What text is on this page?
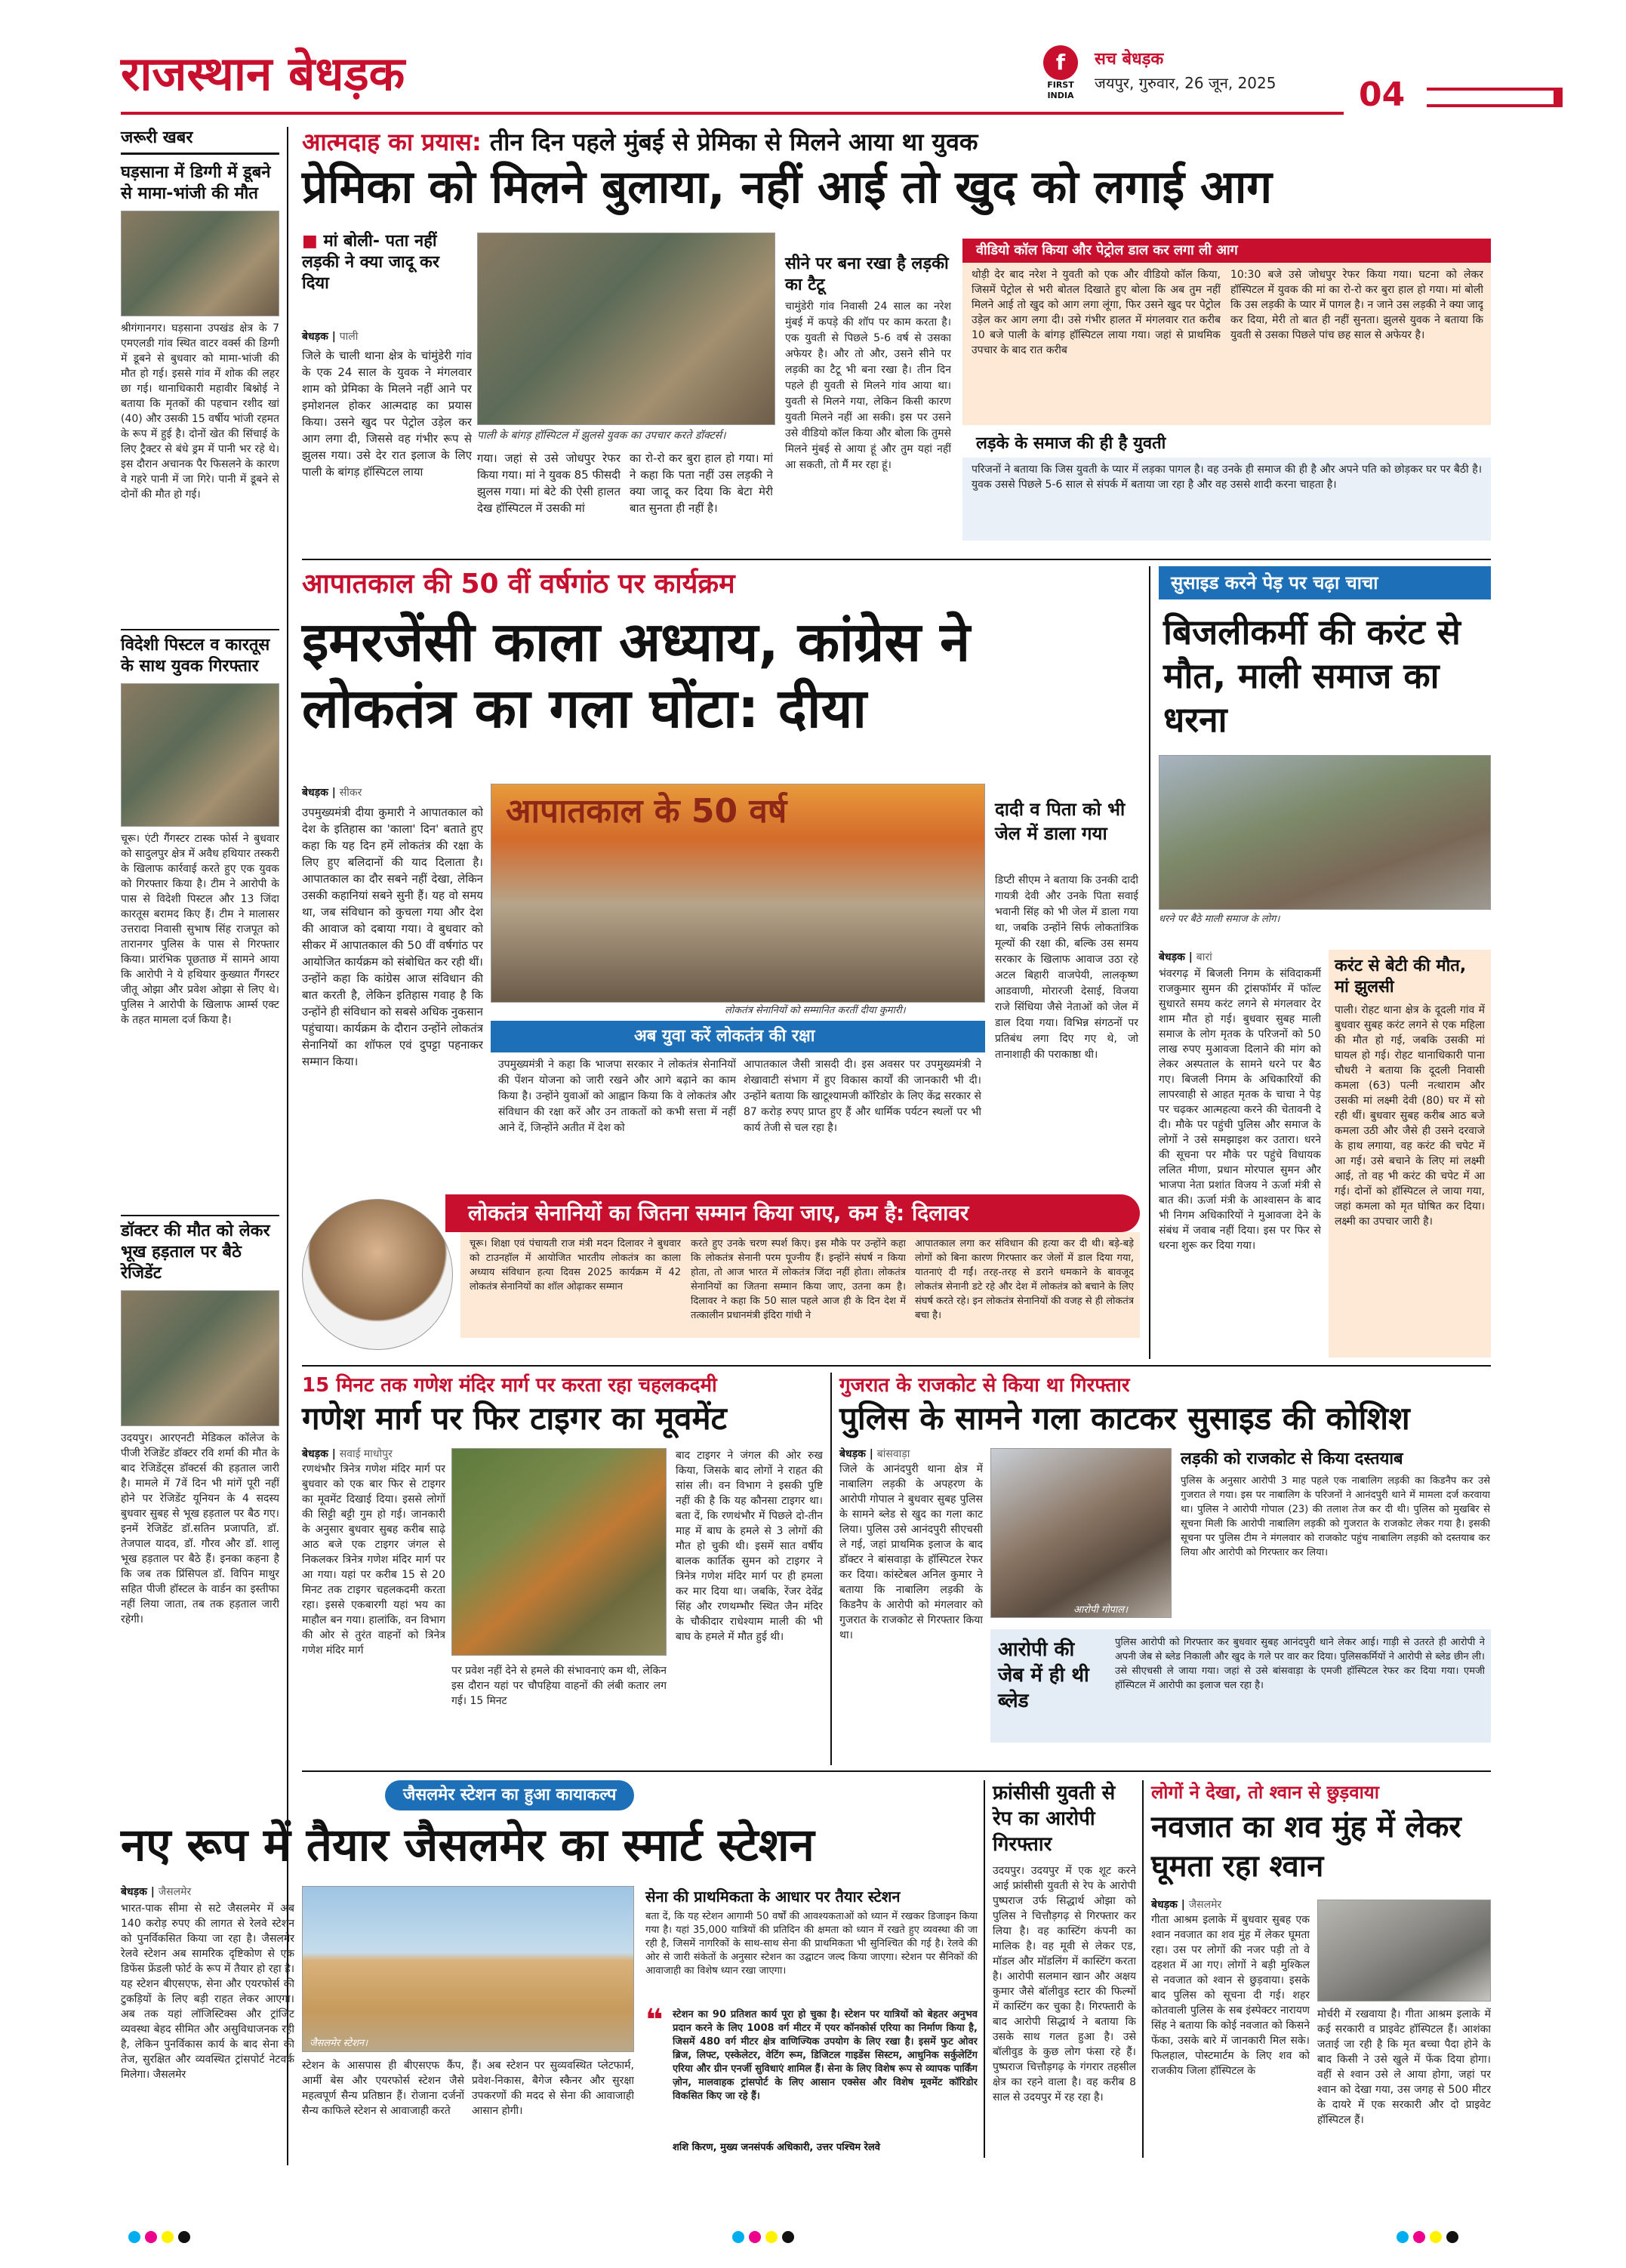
राजस्थान बेधड़क	f
FIRST INDIA
सच बेधड़क
जयपुर, गुरुवार, 26 जून, 2025 04
जरूरी खबर
घड़साना में डिग्गी में डूबने से मामा-भांजी की मौत
श्रीगंगानगर। घड़साना उपखंड क्षेत्र के 7 एमएलडी गांव स्थित वाटर वर्क्स की डिग्गी में डूबने से बुधवार को मामा-भांजी की मौत हो गई। इससे गांव में शोक की लहर छा गई। थानाधिकारी महावीर बिश्नोई ने बताया कि मृतकों की पहचान रशीद खां (40) और उसकी 15 वर्षीय भांजी रहमत के रूप में हुई है। दोनों खेत की सिंचाई के लिए ट्रैक्टर से बंधे ड्रम में पानी भर रहे थे। इस दौरान अचानक पैर फिसलने के कारण वे गहरे पानी में जा गिरे। पानी में डूबने से दोनों की मौत हो गई।
विदेशी पिस्टल व कारतूस के साथ युवक गिरफ्तार
चूरू। एंटी गैंगस्टर टास्क फोर्स ने बुधवार को सादुलपुर क्षेत्र में अवैध हथियार तस्करी के खिलाफ कार्रवाई करते हुए एक युवक को गिरफ्तार किया है। टीम ने आरोपी के पास से विदेशी पिस्टल और 13 जिंदा कारतूस बरामद किए हैं। टीम ने मालासर उत्तरादा निवासी सुभाष सिंह राजपूत को तारानगर पुलिस के पास से गिरफ्तार किया। प्रारंभिक पूछताछ में सामने आया कि आरोपी ने ये हथियार कुख्यात गैंगस्टर जीतू ओझा और प्रवेश ओझा से लिए थे। पुलिस ने आरोपी के खिलाफ आर्म्स एक्ट के तहत मामला दर्ज किया है।
डॉक्टर की मौत को लेकर भूख हड़ताल पर बैठे रेजिडेंट
उदयपुर। आरएनटी मेडिकल कॉलेज के पीजी रेजिडेंट डॉक्टर रवि शर्मा की मौत के बाद रेजिडेंट्स डॉक्टर्स की हड़ताल जारी है। मामले में 7वें दिन भी मांगें पूरी नहीं होने पर रेजिडेंट यूनियन के 4 सदस्य बुधवार सुबह से भूख हड़ताल पर बैठ गए। इनमें रेजिडेंट डॉ.सतिन प्रजापति, डॉ. तेजपाल यादव, डॉ. गौरव और डॉ. शालू भूख हड़ताल पर बैठे हैं। इनका कहना है कि जब तक प्रिंसिपल डॉ. विपिन माथुर सहित पीजी हॉस्टल के वार्डन का इस्तीफा नहीं लिया जाता, तब तक हड़ताल जारी रहेगी।
आत्मदाह का प्रयास: तीन दिन पहले मुंबई से प्रेमिका से मिलने आया था युवक
प्रेमिका को मिलने बुलाया, नहीं आई तो खुद को लगाई आग
■ मां बोली- पता नहीं लड़की ने क्या जादू कर दिया
बेधड़क | पाली
जिले के चाली थाना क्षेत्र के चांमुंडेरी गांव के एक 24 साल के युवक ने मंगलवार शाम को प्रेमिका के मिलने नहीं आने पर इमोशनल होकर आत्मदाह का प्रयास किया। उसने खुद पर पेट्रोल उड़ेल कर आग लगा दी, जिससे वह गंभीर रूप से झुलस गया। उसे देर रात इलाज के लिए पाली के बांगड़ हॉस्पिटल लाया
पाली के बांगड़ हॉस्पिटल में झुलसे युवक का उपचार करते डॉक्टर्स।
गया। जहां से उसे जोधपुर रेफर किया गया। मां ने युवक 85 फीसदी झुलस गया। मां बेटे की ऐसी हालत देख हॉस्पिटल में उसकी मां
का रो-रो कर बुरा हाल हो गया। मां ने कहा कि पता नहीं उस लड़की ने क्या जादू कर दिया कि बेटा मेरी बात सुनता ही नहीं है।
सीने पर बना रखा है लड़की का टैटू
चामुंडेरी गांव निवासी 24 साल का नरेश मुंबई में कपड़े की शॉप पर काम करता है। एक युवती से पिछले 5-6 वर्ष से उसका अफेयर है। और तो और, उसने सीने पर लड़की का टैटू भी बना रखा है। तीन दिन पहले ही युवती से मिलने गांव आया था। युवती से मिलने गया, लेकिन किसी कारण युवती मिलने नहीं आ सकी। इस पर उसने उसे वीडियो कॉल किया और बोला कि तुमसे मिलने मुंबई से आया हूं और तुम यहां नहीं आ सकती, तो मैं मर रहा हूं।
वीडियो कॉल किया और पेट्रोल डाल कर लगा ली आग
थोड़ी देर बाद नरेश ने युवती को एक और वीडियो कॉल किया, जिसमें पेट्रोल से भरी बोतल दिखाते हुए बोला कि अब तुम नहीं मिलने आई तो खुद को आग लगा लूंगा, फिर उसने खुद पर पेट्रोल उड़ेल कर आग लगा दी। उसे गंभीर हालत में मंगलवार रात करीब 10 बजे पाली के बांगड़ हॉस्पिटल लाया गया। जहां से प्राथमिक उपचार के बाद रात करीब
10:30 बजे उसे जोधपुर रेफर किया गया। घटना को लेकर हॉस्पिटल में युवक की मां का रो-रो कर बुरा हाल हो गया। मां बोली कि उस लड़की के प्यार में पागल है। न जाने उस लड़की ने क्या जादू कर दिया, मेरी तो बात ही नहीं सुनता। झुलसे युवक ने बताया कि युवती से उसका पिछले पांच छह साल से अफेयर है।
लड़के के समाज की ही है युवती
परिजनों ने बताया कि जिस युवती के प्यार में लड़का पागल है। वह उनके ही समाज की ही है और अपने पति को छोड़कर घर पर बैठी है। युवक उससे पिछले 5-6 साल से संपर्क में बताया जा रहा है और वह उससे शादी करना चाहता है।
आपातकाल की 50 वीं वर्षगांठ पर कार्यक्रम
इमरजेंसी काला अध्याय, कांग्रेस ने लोकतंत्र का गला घोंटा: दीया
बेधड़क | सीकर
उपमुख्यमंत्री दीया कुमारी ने आपातकाल को देश के इतिहास का 'काला' दिन' बताते हुए कहा कि यह दिन हमें लोकतंत्र की रक्षा के लिए हुए बलिदानों की याद दिलाता है। आपातकाल का दौर सबने नहीं देखा, लेकिन उसकी कहानियां सबने सुनी हैं। यह वो समय था, जब संविधान को कुचला गया और देश की आवाज को दबाया गया। वे बुधवार को सीकर में आपातकाल की 50 वीं वर्षगांठ पर आयोजित कार्यक्रम को संबोधित कर रही थीं। उन्होंने कहा कि कांग्रेस आज संविधान की बात करती है, लेकिन इतिहास गवाह है कि उन्होंने ही संविधान को सबसे अधिक नुकसान पहुंचाया। कार्यक्रम के दौरान उन्होंने लोकतंत्र सेनानियों का शॉफल एवं दुपट्टा पहनाकर सम्मान किया।
आपातकाल के 50 वर्ष
लोकतंत्र सेनानियों को सम्मानित करतीं दीया कुमारी।
अब युवा करें लोकतंत्र की रक्षा
उपमुख्यमंत्री ने कहा कि भाजपा सरकार ने लोकतंत्र सेनानियों की पेंशन योजना को जारी रखने और आगे बढ़ाने का काम किया है। उन्होंने युवाओं को आह्वान किया कि वे लोकतंत्र और संविधान की रक्षा करें और उन ताकतों को कभी सत्ता में नहीं आने दें, जिन्होंने अतीत में देश को
आपातकाल जैसी त्रासदी दी। इस अवसर पर उपमुख्यमंत्री ने शेखावाटी संभाग में हुए विकास कार्यों की जानकारी भी दी। उन्होंने बताया कि खाटूश्यामजी कॉरिडोर के लिए केंद्र सरकार से 87 करोड़ रुपए प्राप्त हुए हैं और धार्मिक पर्यटन स्थलों पर भी कार्य तेजी से चल रहा है।
दादी व पिता को भी जेल में डाला गया
डिप्टी सीएम ने बताया कि उनकी दादी गायत्री देवी और उनके पिता सवाई भवानी सिंह को भी जेल में डाला गया था, जबकि उन्होंने सिर्फ लोकतांत्रिक मूल्यों की रक्षा की, बल्कि उस समय सरकार के खिलाफ आवाज उठा रहे अटल बिहारी वाजपेयी, लालकृष्ण आडवाणी, मोरारजी देसाई, विजया राजे सिंधिया जैसे नेताओं को जेल में डाल दिया गया। विभिन्न संगठनों पर प्रतिबंध लगा दिए गए थे, जो तानाशाही की पराकाष्ठा थी।
लोकतंत्र सेनानियों का जितना सम्मान किया जाए, कम है: दिलावर
चूरू। शिक्षा एवं पंचायती राज मंत्री मदन दिलावर ने बुधवार को टाउनहॉल में आयोजित भारतीय लोकतंत्र का काला अध्याय संविधान हत्या दिवस 2025 कार्यक्रम में 42 लोकतंत्र सेनानियों का शॉल ओढ़ाकर सम्मान
करते हुए उनके चरण स्पर्श किए। इस मौके पर उन्होंने कहा कि लोकतंत्र सेनानी परम पूज्नीय हैं। इन्होंने संघर्ष न किया होता, तो आज भारत में लोकतंत्र जिंदा नहीं होता। लोकतंत्र सेनानियों का जितना सम्मान किया जाए, उतना कम है। दिलावर ने कहा कि 50 साल पहले आज ही के दिन देश में तत्कालीन प्रधानमंत्री इंदिरा गांधी ने
आपातकाल लगा कर संविधान की हत्या कर दी थी। बड़े-बड़े लोगों को बिना कारण गिरफ्तार कर जेलों में डाल दिया गया, यातनाएं दी गईं। तरह-तरह से डराने धमकाने के बावजूद लोकतंत्र सेनानी डटे रहे और देश में लोकतंत्र को बचाने के लिए संघर्ष करते रहे। इन लोकतंत्र सेनानियों की वजह से ही लोकतंत्र बचा है।
सुसाइड करने पेड़ पर चढ़ा चाचा
बिजलीकर्मी की करंट से मौत, माली समाज का धरना
धरने पर बैठे माली समाज के लोग।
बेधड़क | बारां
भंवरगढ़ में बिजली निगम के संविदाकर्मी राजकुमार सुमन की ट्रांसफॉर्मर में फॉल्ट सुधारते समय करंट लगने से मंगलवार देर शाम मौत हो गई। बुधवार सुबह माली समाज के लोग मृतक के परिजनों को 50 लाख रुपए मुआवजा दिलाने की मांग को लेकर अस्पताल के सामने धरने पर बैठ गए। बिजली निगम के अधिकारियों की लापरवाही से आहत मृतक के चाचा ने पेड़ पर चढ़कर आत्महत्या करने की चेतावनी दे दी। मौके पर पहुंची पुलिस और समाज के लोगों ने उसे समझाइश कर उतारा। धरने की सूचना पर मौके पर पहुंचे विधायक ललित मीणा, प्रधान मोरपाल सुमन और भाजपा नेता प्रशांत विजय ने ऊर्जा मंत्री से बात की। ऊर्जा मंत्री के आश्वासन के बाद भी निगम अधिकारियों ने मुआवजा देने के संबंध में जवाब नहीं दिया। इस पर फिर से धरना शुरू कर दिया गया।
करंट से बेटी की मौत, मां झुलसी
पाली। रोहट थाना क्षेत्र के दूदली गांव में बुधवार सुबह करंट लगने से एक महिला की मौत हो गई, जबकि उसकी मां घायल हो गई। रोहट थानाधिकारी पाना चौधरी ने बताया कि दूदली निवासी कमला (63) पत्नी नत्थाराम और उसकी मां लक्ष्मी देवी (80) घर में सो रही थीं। बुधवार सुबह करीब आठ बजे कमला उठी और जैसे ही उसने दरवाजे के हाथ लगाया, वह करंट की चपेट में आ गई। उसे बचाने के लिए मां लक्ष्मी आई, तो वह भी करंट की चपेट में आ गई। दोनों को हॉस्पिटल ले जाया गया, जहां कमला को मृत घोषित कर दिया। लक्ष्मी का उपचार जारी है।
15 मिनट तक गणेश मंदिर मार्ग पर करता रहा चहलकदमी
गणेश मार्ग पर फिर टाइगर का मूवमेंट
बेधड़क | सवाई माधोपुर
रणथंभौर त्रिनेत्र गणेश मंदिर मार्ग पर बुधवार को एक बार फिर से टाइगर का मूवमेंट दिखाई दिया। इससे लोगों की सिट्टी बट्टी गुम हो गई। जानकारी के अनुसार बुधवार सुबह करीब साढ़े आठ बजे एक टाइगर जंगल से निकलकर त्रिनेत्र गणेश मंदिर मार्ग पर आ गया। यहां पर करीब 15 से 20 मिनट तक टाइगर चहलकदमी करता रहा। इससे एकबारगी यहां भय का माहौल बन गया। हालांकि, वन विभाग की ओर से तुरंत वाहनों को त्रिनेत्र गणेश मंदिर मार्ग
पर प्रवेश नहीं देने से हमले की संभावनाएं कम थी, लेकिन इस दौरान यहां पर चौपहिया वाहनों की लंबी कतार लग गई। 15 मिनट
बाद टाइगर ने जंगल की ओर रुख किया, जिसके बाद लोगों ने राहत की सांस ली। वन विभाग ने इसकी पुष्टि नहीं की है कि यह कौनसा टाइगर था। बता दें, कि रणथंभौर में पिछले दो-तीन माह में बाघ के हमले से 3 लोगों की मौत हो चुकी थी। इसमें सात वर्षीय बालक कार्तिक सुमन को टाइगर ने त्रिनेत्र गणेश मंदिर मार्ग पर ही हमला कर मार दिया था। जबकि, रेंजर देवेंद्र सिंह और रणथम्भौर स्थित जैन मंदिर के चौकीदार राधेश्याम माली की भी बाघ के हमले में मौत हुई थी।
गुजरात के राजकोट से किया था गिरफ्तार
पुलिस के सामने गला काटकर सुसाइड की कोशिश
बेधड़क | बांसवाड़ा
जिले के आनंदपुरी थाना क्षेत्र में नाबालिग लड़की के अपहरण के आरोपी गोपाल ने बुधवार सुबह पुलिस के सामने ब्लेड से खुद का गला काट लिया। पुलिस उसे आनंदपुरी सीएचसी ले गई, जहां प्राथमिक इलाज के बाद डॉक्टर ने बांसवाड़ा के हॉस्पिटल रेफर कर दिया। कांस्टेबल अनिल कुमार ने बताया कि नाबालिग लड़की के किडनैप के आरोपी को मंगलवार को गुजरात के राजकोट से गिरफ्तार किया था।
आरोपी गोपाल।
लड़की को राजकोट से किया दस्तयाब
पुलिस के अनुसार आरोपी 3 माह पहले एक नाबालिग लड़की का किडनैप कर उसे गुजरात ले गया। इस पर नाबालिग के परिजनों ने आनंदपुरी थाने में मामला दर्ज करवाया था। पुलिस ने आरोपी गोपाल (23) की तलाश तेज कर दी थी। पुलिस को मुखबिर से सूचना मिली कि आरोपी नाबालिग लड़की को गुजरात के राजकोट लेकर गया है। इसकी सूचना पर पुलिस टीम ने मंगलवार को राजकोट पहुंच नाबालिग लड़की को दस्तयाब कर लिया और आरोपी को गिरफ्तार कर लिया।
आरोपी की जेब में ही थी ब्लेड
पुलिस आरोपी को गिरफ्तार कर बुधवार सुबह आनंदपुरी थाने लेकर आई। गाड़ी से उतरते ही आरोपी ने अपनी जेब से ब्लेड निकाली और खुद के गले पर वार कर दिया। पुलिसकर्मियों ने आरोपी से ब्लेड छीन ली। उसे सीएचसी ले जाया गया। जहां से उसे बांसवाड़ा के एमजी हॉस्पिटल रेफर कर दिया गया। एमजी हॉस्पिटल में आरोपी का इलाज चल रहा है।
जैसलमेर स्टेशन का हुआ कायाकल्प
नए रूप में तैयार जैसलमेर का स्मार्ट स्टेशन
बेधड़क | जैसलमेर
भारत-पाक सीमा से सटे जैसलमेर में अब 140 करोड़ रुपए की लागत से रेलवे स्टेशन को पुनर्विकसित किया जा रहा है। जैसलमेर रेलवे स्टेशन अब सामरिक दृष्टिकोण से एक डिफेंस फ्रेंडली फोर्ट के रूप में तैयार हो रहा है। यह स्टेशन बीएसएफ, सेना और एयरफोर्स की टुकड़ियों के लिए बड़ी राहत लेकर आएगा। अब तक यहां लॉजिस्टिक्स और ट्रांजिट व्यवस्था बेहद सीमित और असुविधाजनक रही है, लेकिन पुनर्विकास कार्य के बाद सेना की तेज, सुरक्षित और व्यवस्थित ट्रांसपोर्ट नेटवर्क मिलेगा। जैसलमेर
जैसलमेर स्टेशन।
स्टेशन के आसपास ही बीएसएफ कैंप, आर्मी बेस और एयरफोर्स स्टेशन जैसे महत्वपूर्ण सैन्य प्रतिष्ठान हैं। रोजाना दर्जनों सैन्य काफिले स्टेशन से आवाजाही करते
हैं। अब स्टेशन पर सुव्यवस्थित प्लेटफार्म, प्रवेश-निकास, बैगेज स्कैनर और सुरक्षा उपकरणों की मदद से सेना की आवाजाही आसान होगी।
सेना की प्राथमिकता के आधार पर तैयार स्टेशन
बता दें, कि यह स्टेशन आगामी 50 वर्षों की आवश्यकताओं को ध्यान में रखकर डिजाइन किया गया है। यहां 35,000 यात्रियों की प्रतिदिन की क्षमता को ध्यान में रखते हुए व्यवस्था की जा रही है, जिसमें नागरिकों के साथ-साथ सेना की प्राथमिकता भी सुनिश्चित की गई है। रेलवे की ओर से जारी संकेतों के अनुसार स्टेशन का उद्घाटन जल्द किया जाएगा। स्टेशन पर सैनिकों की आवाजाही का विशेष ध्यान रखा जाएगा।
❝ स्टेशन का 90 प्रतिशत कार्य पूरा हो चुका है। स्टेशन पर यात्रियों को बेहतर अनुभव प्रदान करने के लिए 1008 वर्ग मीटर में एयर कॉनकोर्स एरिया का निर्माण किया है, जिसमें 480 वर्ग मीटर क्षेत्र वाणिज्यिक उपयोग के लिए रखा है। इसमें फुट ओवर ब्रिज, लिफ्ट, एस्केलेटर, वेटिंग रूम, डिजिटल गाइडेंस सिस्टम, आधुनिक सर्कुलेटिंग एरिया और ग्रीन एनर्जी सुविधाएं शामिल हैं। सेना के लिए विशेष रूप से व्यापक पार्किंग ज़ोन, मालवाहक ट्रांसपोर्ट के लिए आसान एक्सेस और विशेष मूवमेंट कॉरिडोर विकसित किए जा रहे हैं।
शशि किरण, मुख्य जनसंपर्क अधिकारी, उत्तर पश्चिम रेलवे
फ्रांसीसी युवती से रेप का आरोपी गिरफ्तार
उदयपुर। उदयपुर में एक शूट करने आई फ्रांसीसी युवती से रेप के आरोपी पुष्पराज उर्फ सिद्धार्थ ओझा को पुलिस ने चित्तौड़गढ़ से गिरफ्तार कर लिया है। वह कास्टिंग कंपनी का मालिक है। वह मूवी से लेकर एड, मॉडल और मॉडलिंग में कास्टिंग करता है। आरोपी सलमान खान और अक्षय कुमार जैसे बॉलीवुड स्टार की फिल्मों में कास्टिंग कर चुका है। गिरफ्तारी के बाद आरोपी सिद्धार्थ ने बताया कि उसके साथ गलत हुआ है। उसे बॉलीवुड के कुछ लोग फंसा रहे हैं। पुष्पराज चित्तौड़गढ़ के गंगरार तहसील क्षेत्र का रहने वाला है। वह करीब 8 साल से उदयपुर में रह रहा है।
लोगों ने देखा, तो श्वान से छुड़वाया
नवजात का शव मुंह में लेकर घूमता रहा श्वान
बेधड़क | जैसलमेर
गीता आश्रम इलाके में बुधवार सुबह एक श्वान नवजात का शव मुंह में लेकर घूमता रहा। उस पर लोगों की नजर पड़ी तो वे दहशत में आ गए। लोगों ने बड़ी मुश्किल से नवजात को श्वान से छुड़वाया। इसके बाद पुलिस को सूचना दी गई। शहर कोतवाली पुलिस के सब इंस्पेक्टर नारायण सिंह ने बताया कि कोई नवजात को किसने फेंका, उसके बारे में जानकारी मिल सके। फिलहाल, पोस्टमार्टम के लिए शव को राजकीय जिला हॉस्पिटल के
मोर्चरी में रखवाया है। गीता आश्रम इलाके में कई सरकारी व प्राइवेट हॉस्पिटल हैं। आशंका जताई जा रही है कि मृत बच्चा पैदा होने के बाद किसी ने उसे खुले में फेंक दिया होगा। वहीं से श्वान उसे ले आया होगा, जहां पर श्वान को देखा गया, उस जगह से 500 मीटर के दायरे में एक सरकारी और दो प्राइवेट हॉस्पिटल हैं।
